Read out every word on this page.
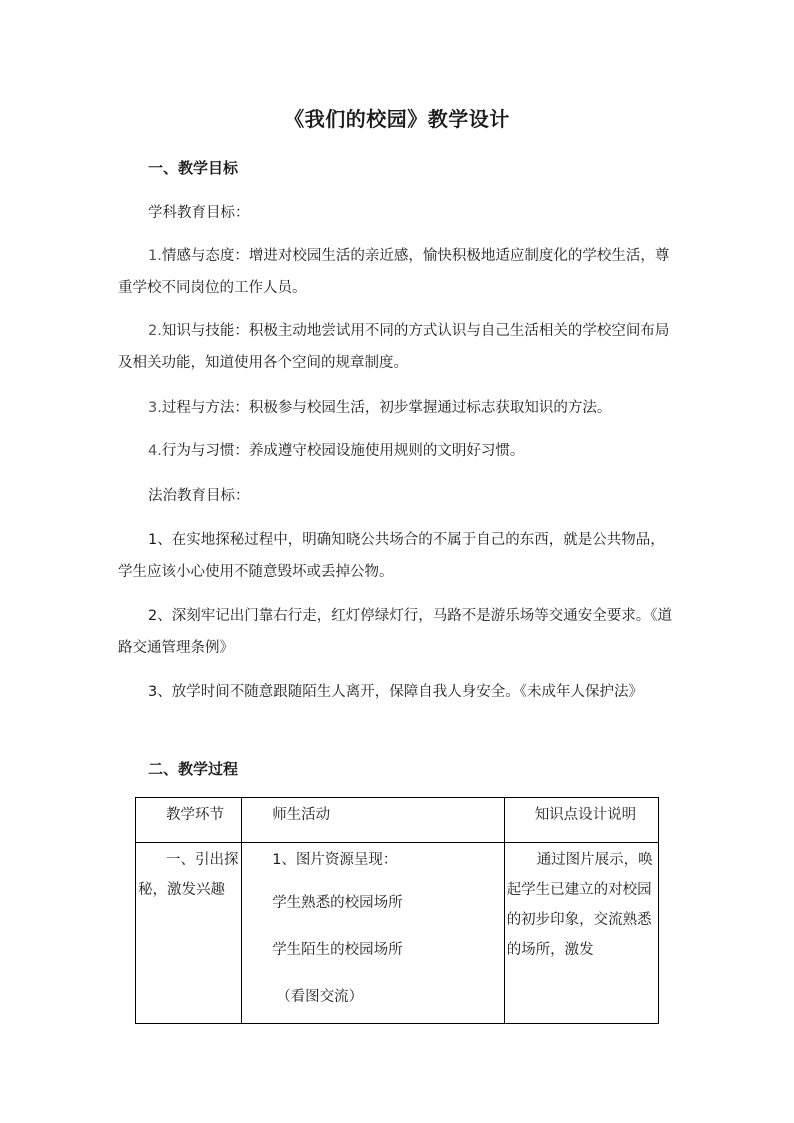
《我们的校园》教学设计
一、教学目标

学科教育目标：

1.情感与态度：增进对校园生活的亲近感，愉快积极地适应制度化的学校生活，尊重学校不同岗位的工作人员。

2.知识与技能：积极主动地尝试用不同的方式认识与自己生活相关的学校空间布局及相关功能，知道使用各个空间的规章制度。

3.过程与方法：积极参与校园生活，初步掌握通过标志获取知识的方法。

4.行为与习惯：养成遵守校园设施使用规则的文明好习惯。

法治教育目标：

1、在实地探秘过程中，明确知晓公共场合的不属于自己的东西，就是公共物品，学生应该小心使用不随意毁坏或丢掉公物。

2、深刻牢记出门靠右行走，红灯停绿灯行，马路不是游乐场等交通安全要求。《道路交通管理条例》

3、放学时间不随意跟随陌生人离开，保障自我人身安全。《未成年人保护法》

二、教学过程
教学环节	师生活动	知识点设计说明

一、引出探秘，激发兴趣	1、图片资源呈现：
学生熟悉的校园场所
学生陌生的校园场所
（看图交流）	通过图片展示，唤起学生已建立的对校园的初步印象，交流熟悉的场所，激发
